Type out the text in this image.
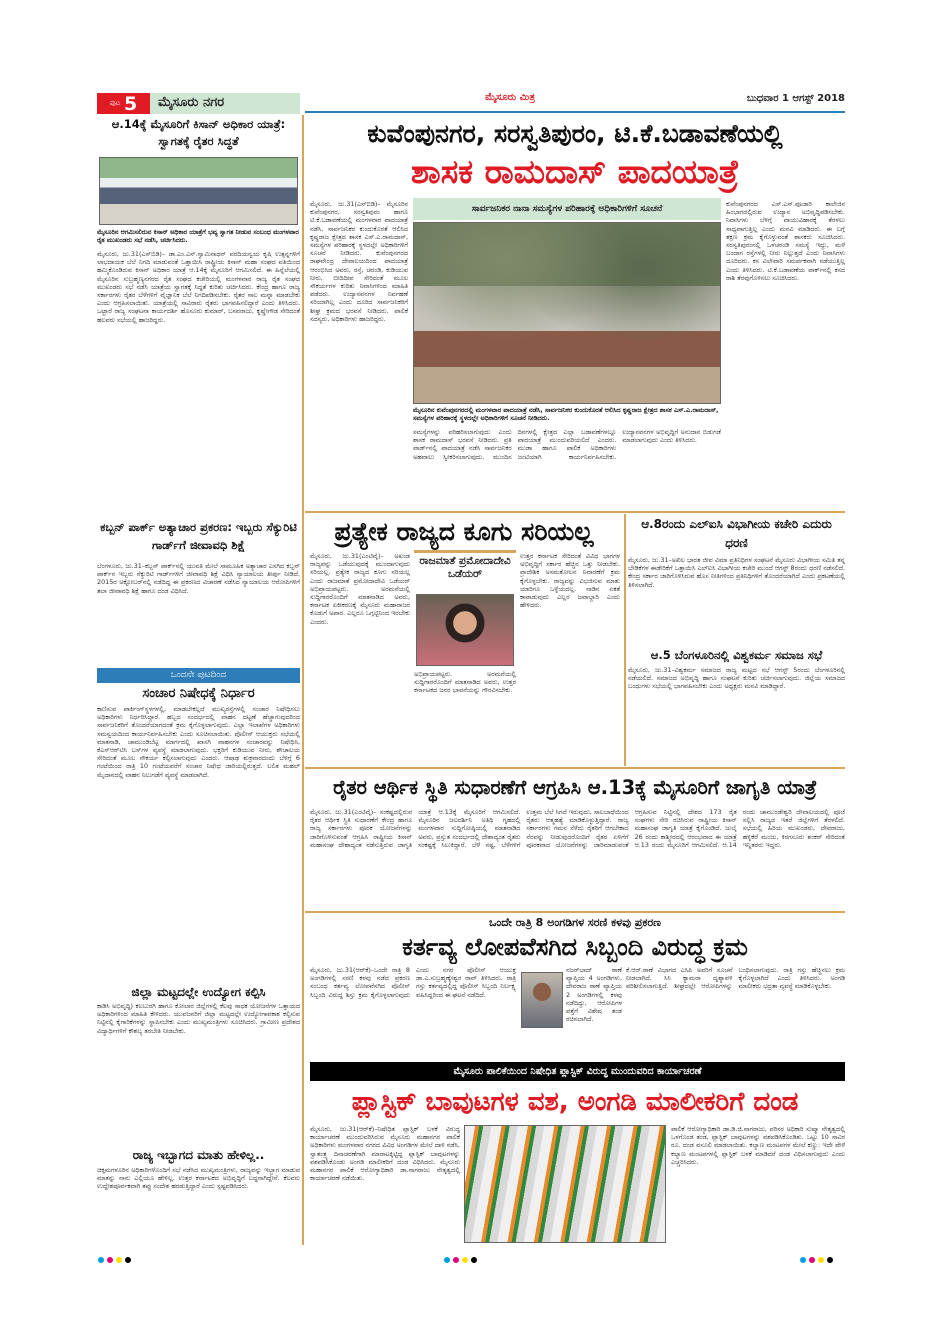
ಪುಟ 5	ಮೈಸೂರು ನಗರ	ಮೈಸೂರು ಮಿತ್ರ	ಬುಧವಾರ 1 ಆಗಸ್ಟ್ 2018
ಆ.14ಕ್ಕೆ ಮೈಸೂರಿಗೆ ಕಿಸಾನ್ ಅಧಿಕಾರ ಯಾತ್ರೆ: ಸ್ವಾಗತಕ್ಕೆ ರೈತರ ಸಿದ್ಧತೆ
ಮೈಸೂರಿನ ಆಗಮಿಸಲಿರುವ ಕಿಸಾನ್ ಅಧಿಕಾರ ಯಾತ್ರೆಗೆ ಭವ್ಯ ಸ್ವಾಗತ ನೀಡುವ ಸಂಬಂಧ ಮಂಗಳವಾರ ರೈತ ಮುಖಂಡರು ಸಭೆ ನಡೆಸಿ, ಚರ್ಚಿಸಿದರು.
ಮೈಸೂರು, ಜು.31(ಎಸ್‌ಬಿಡಿ)– ಡಾ.ಎಂ.ಎಸ್.ಸ್ವಾಮಿನಾಥನ್ ವರದಿಯನ್ವಯ ಕೃಷಿ ಉತ್ಪನ್ನಗಳಿಗೆ ಲಾಭದಾಯಕ ಬೆಲೆ ನಿಗದಿ ಮಾಡುವಂತೆ ಒತ್ತಾಯಿಸಿ ರಾಷ್ಟ್ರೀಯ ಕಿಸಾನ್ ಮಹಾ ಸಂಘದ ವತಿಯಿಂದ ಹಮ್ಮಿಕೊಂಡಿರುವ ಕಿಸಾನ್ ಅಧಿಕಾರ ಯಾತ್ರೆ ಆ.14ಕ್ಕೆ ಮೈಸೂರಿಗೆ ಆಗಮಿಸಲಿದೆ. ಈ ಹಿನ್ನೆಲೆಯಲ್ಲಿ ಮೈಸೂರಿನ ಸುಬ್ರಹ್ಮಣ್ಯನಗರದ ರೈತ ಸಂಘದ ಕಚೇರಿಯಲ್ಲಿ ಮಂಗಳವಾರ ರಾಜ್ಯ ರೈತ ಸಂಘದ ಮುಖಂಡರು ಸಭೆ ನಡೆಸಿ ಯಾತ್ರೆಯ ಸ್ವಾಗತಕ್ಕೆ ಸಿದ್ಧತೆ ಕುರಿತು ಚರ್ಚಿಸಿದರು. ಕೇಂದ್ರ ಹಾಗೂ ರಾಜ್ಯ ಸರ್ಕಾರಗಳು ರೈತರ ಬೆಳೆಗಳಿಗೆ ವೈಜ್ಞಾನಿಕ ಬೆಲೆ ನಿಗದಿಪಡಿಸಬೇಕು. ರೈತರ ಸಾಲ ಮನ್ನಾ ಮಾಡಬೇಕು ಎಂದು ಆಗ್ರಹಿಸಲಾಯಿತು. ಯಾತ್ರೆಯಲ್ಲಿ ಸಾವಿರಾರು ರೈತರು ಭಾಗವಹಿಸಲಿದ್ದಾರೆ ಎಂದು ತಿಳಿಸಿದರು. ಒಟ್ಟಾರೆ ರಾಜ್ಯ ಸಂಘಟನಾ ಕಾರ್ಯದರ್ಶಿ ಹೊಸೂರು ಕುಮಾರ್, ಬಸವರಾಜು, ಕೃಷ್ಣೇಗೌಡ ಸೇರಿದಂತೆ ಹಲವರು ಸಭೆಯಲ್ಲಿ ಹಾಜರಿದ್ದರು.
ಕಬ್ಬನ್ ಪಾರ್ಕ್ ಅತ್ಯಾಚಾರ ಪ್ರಕರಣ: ಇಬ್ಬರು ಸೆಕ್ಯುರಿಟಿ ಗಾರ್ಡ್‌ಗೆ ಜೀವಾವಧಿ ಶಿಕ್ಷೆ
ಬೆಂಗಳೂರು, ಜು.31–ಕಬ್ಬನ್ ಪಾರ್ಕ್‌ನಲ್ಲಿ ಯುವತಿ ಮೇಲೆ ಸಾಮೂಹಿಕ ಅತ್ಯಾಚಾರ ಎಸಗಿದ ಕಬ್ಬನ್ ಪಾರ್ಕ್‌ನ ಇಬ್ಬರು ಸೆಕ್ಯುರಿಟಿ ಗಾರ್ಡ್‌ಗಳಿಗೆ ಜೀವಾವಧಿ ಶಿಕ್ಷೆ ವಿಧಿಸಿ ನ್ಯಾಯಾಲಯ ತೀರ್ಪು ನೀಡಿದೆ. 2015ರ ಅಕ್ಟೋಬರ್‌ನಲ್ಲಿ ನಡೆದಿದ್ದ ಈ ಪ್ರಕರಣದ ವಿಚಾರಣೆ ನಡೆಸಿದ ನ್ಯಾಯಾಲಯ ಆರೋಪಿಗಳಿಗೆ ತಲಾ ಜೀವಾವಧಿ ಶಿಕ್ಷೆ ಹಾಗೂ ದಂಡ ವಿಧಿಸಿದೆ.
ಒಂದನೇ ಪುಟದಿಂದ
ಸಂಚಾರ ನಿಷೇಧಕ್ಕೆ ನಿರ್ಧಾರ
ಕಾಣಿಸುವ ಪಾರ್ಕಿಂಗ್‌ಸ್ಥಳಗಳಲ್ಲಿ, ಮಾಡಬೇಕಲ್ಲದೆ ಮುಖ್ಯರಸ್ತೆಗಳಲ್ಲಿ ಸಂಚಾರ ನಿಷೇಧಿಸಲು ಅಧಿಕಾರಿಗಳು ನಿರ್ಧರಿಸಿದ್ದಾರೆ. ಹಬ್ಬದ ಸಂದರ್ಭದಲ್ಲಿ ವಾಹನ ದಟ್ಟಣೆ ಹೆಚ್ಚಾಗುವುದರಿಂದ ಸಾರ್ವಜನಿಕರಿಗೆ ತೊಂದರೆಯಾಗದಂತೆ ಕ್ರಮ ಕೈಗೊಳ್ಳಲಾಗುವುದು. ಎಲ್ಲಾ ಇಲಾಖೆಗಳ ಅಧಿಕಾರಿಗಳು ಸಮನ್ವಯದಿಂದ ಕಾರ್ಯನಿರ್ವಹಿಸಬೇಕು ಎಂದು ಸೂಚಿಸಲಾಯಿತು. ಪೊಲೀಸ್ ಆಯುಕ್ತರು ಸಭೆಯಲ್ಲಿ ಮಾತನಾಡಿ, ಚಾಮುಂಡಿಬೆಟ್ಟ ಮಾರ್ಗದಲ್ಲಿ ಖಾಸಗಿ ವಾಹನಗಳ ಸಂಚಾರವನ್ನು ನಿಷೇಧಿಸಿ, ಕೆಎಸ್ಆರ್‌ಟಿಸಿ ಬಸ್‌ಗಳ ವ್ಯವಸ್ಥೆ ಮಾಡಲಾಗುವುದು. ಭಕ್ತರಿಗೆ ಕುಡಿಯುವ ನೀರು, ಶೌಚಾಲಯ ಸೇರಿದಂತೆ ಮೂಲ ಸೌಕರ್ಯ ಕಲ್ಪಿಸಲಾಗುವುದು ಎಂದರು. ಆಷಾಢ ಶುಕ್ರವಾರದಂದು ಬೆಳಿಗ್ಗೆ 6 ಗಂಟೆಯಿಂದ ರಾತ್ರಿ 10 ಗಂಟೆಯವರೆಗೆ ಸಂಚಾರ ನಿಷೇಧ ಜಾರಿಯಲ್ಲಿರುತ್ತದೆ. ಲಲಿತ ಮಹಲ್ ಮೈದಾನದಲ್ಲಿ ವಾಹನ ನಿಲುಗಡೆಗೆ ವ್ಯವಸ್ಥೆ ಮಾಡಲಾಗಿದೆ.
ಜಿಲ್ಲಾ ಮಟ್ಟದಲ್ಲೇ ಉದ್ಯೋಗ ಕಲ್ಪಿಸಿ
ಕಾಡಿಸಿ ಅಭಿವೃದ್ಧಿ) ಕಲಬುರಗಿ ಹಾಗೂ ಕೋಲಾರ ಜಿಲ್ಲೆಗಳಲ್ಲಿ ಕೆಲವು ಸಾಧಕ ಯೋಜನೆಗಳ ಒತ್ತಾಯದ ಅಧಿಕಾರಿಗಳಿಂದ ಮಾಹಿತಿ ಕೇಳಿದರು. ಯುವಜನರಿಗೆ ಜಿಲ್ಲಾ ಮಟ್ಟದಲ್ಲೇ ಉದ್ಯೋಗಾವಕಾಶ ಕಲ್ಪಿಸುವ ನಿಟ್ಟಿನಲ್ಲಿ ಕೈಗಾರಿಕೆಗಳನ್ನು ಸ್ಥಾಪಿಸಬೇಕು ಎಂದು ಮುಖ್ಯಮಂತ್ರಿಗಳು ಸೂಚಿಸಿದರು. ಗ್ರಾಮೀಣ ಪ್ರದೇಶದ ವಿದ್ಯಾರ್ಥಿಗಳಿಗೆ ಕೌಶಲ್ಯ ತರಬೇತಿ ನೀಡಬೇಕು.
ರಾಜ್ಯ ಇಬ್ಭಾಗದ ಮಾತು ಹೇಳಿಲ್ಲ..
ಚಿಕ್ಕಮಗಳೂರಿನ ಅಧಿಕಾರಿಗಳೊಂದಿಗೆ ಸಭೆ ನಡೆಸಿದ ಮುಖ್ಯಮಂತ್ರಿಗಳು, ರಾಜ್ಯವನ್ನು ಇಬ್ಭಾಗ ಮಾಡುವ ಮಾತನ್ನು ನಾನು ಎಲ್ಲಿಯೂ ಹೇಳಿಲ್ಲ. ಉತ್ತರ ಕರ್ನಾಟಕದ ಅಭಿವೃದ್ಧಿಗೆ ಬದ್ಧನಾಗಿದ್ದೇನೆ. ಕೆಲವರು ಉದ್ದೇಶಪೂರ್ವಕವಾಗಿ ತಪ್ಪು ಸಂದೇಶ ಹರಡುತ್ತಿದ್ದಾರೆ ಎಂದು ಸ್ಪಷ್ಟಪಡಿಸಿದರು.
ಕುವೆಂಪುನಗರ, ಸರಸ್ವತಿಪುರಂ, ಟಿ.ಕೆ.ಬಡಾವಣೆಯಲ್ಲಿ
ಶಾಸಕ ರಾಮದಾಸ್ ಪಾದಯಾತ್ರೆ
ಮೈಸೂರು, ಜು.31(ಎಸ್‌ಬಿಡಿ)– ಮೈಸೂರಿನ ಕುವೆಂಪುನಗರ, ಸರಸ್ವತಿಪುರಂ ಹಾಗೂ ಟಿ.ಕೆ.ಬಡಾವಣೆಯಲ್ಲಿ ಮಂಗಳವಾರ ಪಾದಯಾತ್ರೆ ನಡೆಸಿ, ಸಾರ್ವಜನಿಕರ ಕುಂದುಕೊರತೆ ಆಲಿಸಿದ ಕೃಷ್ಣರಾಜ ಕ್ಷೇತ್ರದ ಶಾಸಕ ಎಸ್.ಎ.ರಾಮದಾಸ್, ಸಮಸ್ಯೆಗಳ ಪರಿಹಾರಕ್ಕೆ ಸ್ಥಳದಲ್ಲೇ ಅಧಿಕಾರಿಗಳಿಗೆ ಸೂಚನೆ ನೀಡಿದರು. ಕುವೆಂಪುನಗರದ ರಾಘವೇಂದ್ರ ದೇವಾಲಯದಿಂದ ಪಾದಯಾತ್ರೆ ಆರಂಭಿಸಿದ ಅವರು, ರಸ್ತೆ, ಚರಂಡಿ, ಕುಡಿಯುವ ನೀರು, ಬೀದಿದೀಪ ಸೇರಿದಂತೆ ಮೂಲ ಸೌಕರ್ಯಗಳ ಕುರಿತು ನಿವಾಸಿಗಳಿಂದ ಮಾಹಿತಿ ಪಡೆದರು. ಉದ್ಯಾನವನಗಳ ನಿರ್ವಹಣೆ ಸರಿಯಾಗಿಲ್ಲ ಎಂದು ದೂರಿದ ಸಾರ್ವಜನಿಕರಿಗೆ ಶೀಘ್ರ ಕ್ರಮದ ಭರವಸೆ ನೀಡಿದರು. ಪಾಲಿಕೆ ಸದಸ್ಯರು, ಅಧಿಕಾರಿಗಳು ಹಾಜರಿದ್ದರು.
ಸಾರ್ವಜನಿಕರ ನಾನಾ ಸಮಸ್ಯೆಗಳ ಪರಿಹಾರಕ್ಕೆ ಅಧಿಕಾರಿಗಳಿಗೆ ಸೂಚನೆ
ಮೈಸೂರಿನ ಕುವೆಂಪುನಗರದಲ್ಲಿ ಮಂಗಳವಾರ ಪಾದಯಾತ್ರೆ ನಡೆಸಿ, ಸಾರ್ವಜನಿಕರ ಕುಂದುಕೊರತೆ ಆಲಿಸಿದ ಕೃಷ್ಣರಾಜ ಕ್ಷೇತ್ರದ ಶಾಸಕ ಎಸ್.ಎ.ರಾಮದಾಸ್, ಸಮಸ್ಯೆಗಳ ಪರಿಹಾರಕ್ಕೆ ಸ್ಥಳದಲ್ಲೇ ಅಧಿಕಾರಿಗಳಿಗೆ ಸೂಚನೆ ನೀಡಿದರು.
ಸಮಸ್ಯೆಗಳನ್ನು ಪರಿಹರಿಸಲಾಗುವುದು ಎಂದು ಶಾಸಕ ರಾಮದಾಸ್ ಭರವಸೆ ನೀಡಿದರು. ಪ್ರತಿ ವಾರ್ಡ್‌ನಲ್ಲಿ ಪಾದಯಾತ್ರೆ ನಡೆಸಿ ಸಾರ್ವಜನಿಕರ ಅಹವಾಲು ಸ್ವೀಕರಿಸಲಾಗುವುದು. ಮುಂದಿನ ದಿನಗಳಲ್ಲಿ ಕ್ಷೇತ್ರದ ಎಲ್ಲಾ ಬಡಾವಣೆಗಳಲ್ಲೂ ಪಾದಯಾತ್ರೆ ಮುಂದುವರಿಯಲಿದೆ ಎಂದರು. ಮುಡಾ ಹಾಗೂ ಪಾಲಿಕೆ ಅಧಿಕಾರಿಗಳು ಜಂಟಿಯಾಗಿ ಕಾರ್ಯನಿರ್ವಹಿಸಬೇಕು. ಉದ್ಯಾನವನಗಳ ಅಭಿವೃದ್ಧಿಗೆ ಅನುದಾನ ಬಿಡುಗಡೆ ಮಾಡಲಾಗುವುದು ಎಂದು ತಿಳಿಸಿದರು.
ಕುವೆಂಪುನಗರದ ಎಸ್.ಎಸ್.ಪೂಜಾರಿ ಕಾಲೇಜಿನ ಹಿಂಭಾಗದಲ್ಲಿರುವ ಉದ್ಯಾನ ಅಭಿವೃದ್ಧಿಪಡಿಸಬೇಕು. ನಿವಾಸಿಗಳು ಬೆಳಿಗ್ಗೆ ವಾಯುವಿಹಾರಕ್ಕೆ ತೆರಳಲು ಸಾಧ್ಯವಾಗುತ್ತಿಲ್ಲ ಎಂದು ಮನವಿ ಮಾಡಿದರು. ಈ ಬಗ್ಗೆ ತಕ್ಷಣ ಕ್ರಮ ಕೈಗೊಳ್ಳುವಂತೆ ಶಾಸಕರು ಸೂಚಿಸಿದರು. ಸರಸ್ವತಿಪುರಂನಲ್ಲಿ ಒಳಚರಂಡಿ ಸಮಸ್ಯೆ ಇದ್ದು, ಮಳೆ ಬಂದಾಗ ರಸ್ತೆಗಳಲ್ಲಿ ನೀರು ನಿಲ್ಲುತ್ತದೆ ಎಂದು ನಿವಾಸಿಗಳು ದೂರಿದರು. ಕಸ ವಿಲೇವಾರಿ ಸಮರ್ಪಕವಾಗಿ ನಡೆಯುತ್ತಿಲ್ಲ ಎಂದು ತಿಳಿಸಿದರು. ಟಿ.ಕೆ.ಬಡಾವಣೆಯ ಪಾರ್ಕ್‌ನಲ್ಲಿ ಕಸದ ರಾಶಿ ತೆರವುಗೊಳಿಸಲು ಸೂಚಿಸಿದರು.
ಪ್ರತ್ಯೇಕ ರಾಜ್ಯದ ಕೂಗು ಸರಿಯಲ್ಲ
ಮೈಸೂರು, ಜು.31(ಎಂಟಿವೈ)– ಅಖಂಡ ರಾಜ್ಯವನ್ನು ಒಡೆಯುವುದಕ್ಕೆ ಮುಂದಾಗುವುದು ಸರಿಯಲ್ಲ. ಪ್ರತ್ಯೇಕ ರಾಜ್ಯದ ಕೂಗು ಸರಿಯಲ್ಲ ಎಂದು ರಾಜಮಾತೆ ಪ್ರಮೋದಾದೇವಿ ಒಡೆಯರ್ ಅಭಿಪ್ರಾಯಪಟ್ಟರು. ಅರಮನೆಯಲ್ಲಿ ಸುದ್ದಿಗಾರರೊಂದಿಗೆ ಮಾತನಾಡಿದ ಅವರು, ಕರ್ನಾಟಕ ಏಕೀಕರಣಕ್ಕೆ ಮೈಸೂರು ಮಹಾರಾಜರ ಕೊಡುಗೆ ಅಪಾರ. ಎಲ್ಲರೂ ಒಗ್ಗಟ್ಟಿನಿಂದ ಇರಬೇಕು ಎಂದರು.
ರಾಜಮಾತೆ ಪ್ರಮೋದಾದೇವಿ ಒಡೆಯರ್
ಅಭಿಪ್ರಾಯಪಟ್ಟರು. ಅರಮನೆಯಲ್ಲಿ ಸುದ್ದಿಗಾರರೊಂದಿಗೆ ಮಾತನಾಡಿದ ಅವರು, ಉತ್ತರ ಕರ್ನಾಟಕದ ಜನರ ಭಾವನೆಯನ್ನು ಗೌರವಿಸಬೇಕು.
ಉತ್ತರ ಕರ್ನಾಟಕ ಸೇರಿದಂತೆ ವಿವಿಧ ಭಾಗಗಳ ಅಭಿವೃದ್ಧಿಗೆ ಸರ್ಕಾರ ಹೆಚ್ಚಿನ ಒತ್ತು ನೀಡಬೇಕು. ಪ್ರಾದೇಶಿಕ ಅಸಮತೋಲನ ನಿವಾರಣೆಗೆ ಕ್ರಮ ಕೈಗೊಳ್ಳಬೇಕು. ರಾಜ್ಯವನ್ನು ವಿಭಜಿಸುವ ಮಾತು ಯಾರಿಗೂ ಒಳ್ಳೆಯದಲ್ಲ. ನಾಡಿನ ಏಕತೆ ಕಾಪಾಡುವುದು ಎಲ್ಲರ ಜವಾಬ್ದಾರಿ ಎಂದು ಹೇಳಿದರು.
ಆ.8ರಂದು ಎಲ್‌ಐಸಿ ವಿಭಾಗೀಯ ಕಚೇರಿ ಎದುರು ಧರಣಿ
ಮೈಸೂರು, ಜು.31–ಅಖಿಲ ಭಾರತ ಜೀವ ವಿಮಾ ಪ್ರತಿನಿಧಿಗಳ ಸಂಘಟನೆ ಮೈಸೂರು ವಿಭಾಗೀಯ ಸಮಿತಿ ತನ್ನ ಬೇಡಿಕೆಗಳ ಈಡೇರಿಕೆಗೆ ಒತ್ತಾಯಿಸಿ ಎಲ್‌ಐಸಿ ವಿಭಾಗೀಯ ಕಚೇರಿ ಮುಂದೆ ಆಗಸ್ಟ್ 8ರಂದು ಧರಣಿ ನಡೆಸಲಿದೆ. ಕೇಂದ್ರ ಸರ್ಕಾರ ಜಾರಿಗೊಳಿಸಿರುವ ಹೊಸ ನೀತಿಗಳಿಂದ ಪ್ರತಿನಿಧಿಗಳಿಗೆ ತೊಂದರೆಯಾಗಿದೆ ಎಂದು ಪ್ರಕಟಣೆಯಲ್ಲಿ ತಿಳಿಸಲಾಗಿದೆ.
ಆ.5 ಬೆಂಗಳೂರಿನಲ್ಲಿ ವಿಶ್ವಕರ್ಮ ಸಮಾಜ ಸಭೆ
ಮೈಸೂರು, ಜು.31–ವಿಶ್ವಕರ್ಮ ಸಮಾಜದ ರಾಜ್ಯ ಮಟ್ಟದ ಸಭೆ ಆಗಸ್ಟ್ 5ರಂದು ಬೆಂಗಳೂರಿನಲ್ಲಿ ನಡೆಯಲಿದೆ. ಸಮಾಜದ ಅಭಿವೃದ್ಧಿ ಹಾಗೂ ಸಂಘಟನೆ ಕುರಿತು ಚರ್ಚಿಸಲಾಗುವುದು. ಜಿಲ್ಲೆಯ ಸಮಾಜದ ಬಂಧುಗಳು ಸಭೆಯಲ್ಲಿ ಭಾಗವಹಿಸಬೇಕು ಎಂದು ಅಧ್ಯಕ್ಷರು ಮನವಿ ಮಾಡಿದ್ದಾರೆ.
ರೈತರ ಆರ್ಥಿಕ ಸ್ಥಿತಿ ಸುಧಾರಣೆಗೆ ಆಗ್ರಹಿಸಿ ಆ.13ಕ್ಕೆ ಮೈಸೂರಿಗೆ ಜಾಗೃತಿ ಯಾತ್ರೆ
ಮೈಸೂರು, ಜು.31(ಎಂಟಿವೈ)– ಸಂಕಷ್ಟದಲ್ಲಿರುವ ರೈತರ ಆರ್ಥಿಕ ಸ್ಥಿತಿ ಸುಧಾರಣೆಗೆ ಕೇಂದ್ರ ಹಾಗೂ ರಾಜ್ಯ ಸರ್ಕಾರಗಳು ಪೂರಕ ಯೋಜನೆಗಳನ್ನು ಜಾರಿಗೊಳಿಸುವಂತೆ ಆಗ್ರಹಿಸಿ ರಾಷ್ಟ್ರೀಯ ಕಿಸಾನ್ ಮಹಾಸಂಘ ದೇಶಾದ್ಯಂತ ನಡೆಸುತ್ತಿರುವ ಜಾಗೃತಿ ಯಾತ್ರೆ ಆ.13ಕ್ಕೆ ಮೈಸೂರಿಗೆ ಆಗಮಿಸಲಿದೆ. ಮೈಸೂರಿನ ಜಲದರ್ಶಿನಿ ಅತಿಥಿ ಗೃಹದಲ್ಲಿ ಮಂಗಳವಾರ ಸುದ್ದಿಗೋಷ್ಠಿಯಲ್ಲಿ ಮಾತನಾಡಿದ ಅವರು, ಪ್ರಸ್ತುತ ಸಂದರ್ಭದಲ್ಲಿ ದೇಶಾದ್ಯಂತ ರೈತರು ಸಂಕಷ್ಟಕ್ಕೆ ಸಿಲುಕಿದ್ದಾರೆ. ಬೆಳೆ ನಷ್ಟ, ಬೆಳೆಗಳಿಗೆ ಉತ್ತಮ ಬೆಲೆ ಸಿಗದೆ ಇರುವುದು, ಸಾಲಬಾಧೆಯಿಂದ ರೈತರು ಆತ್ಮಹತ್ಯೆ ಮಾಡಿಕೊಳ್ಳುತ್ತಿದ್ದಾರೆ. ರಾಜ್ಯ ಸರ್ಕಾರಗಳು ಗಮನ ಸೆಳೆದು ರೈತರಿಗೆ ಆಗಬೇಕಾದ ನೆರವನ್ನು ನೀಡುವುದರೊಂದಿಗೆ ರೈತರ ಏಳಿಗೆಗೆ ಪೂರಕವಾದ ಯೋಜನೆಗಳನ್ನು ಜಾರಿಮಾಡುವಂತೆ ಆಗ್ರಹಿಸುವ ನಿಟ್ಟಿನಲ್ಲಿ ದೇಶದ 173 ರೈತ ಸಂಘಗಳು ಸೇರಿ ರಚಿಸಿರುವ ರಾಷ್ಟ್ರೀಯ ಕಿಸಾನ್ ಮಹಾಸಂಘ ಜಾಗೃತಿ ಯಾತ್ರೆ ಕೈಗೊಂಡಿದೆ. ಜುಲೈ 26 ರಂದು ಕಾಶ್ಮೀರದಲ್ಲಿ ಆರಂಭವಾದ ಈ ಯಾತ್ರೆ ಆ.13 ರಂದು ಮೈಸೂರಿಗೆ ಆಗಮಿಸಲಿದೆ. ಆ.14 ರಂದು ಚಾಮುಂಡೇಶ್ವರಿ ದೇವಾಲಯದಲ್ಲಿ ಪೂಜೆ ಸಲ್ಲಿಸಿ ರಾಜ್ಯದ ಇತರೆ ಜಿಲ್ಲೆಗಳಿಗೆ ತೆರಳಲಿದೆ. ಸಭೆಯಲ್ಲಿ ಹಿರಿಯ ಮುಖಂಡರು, ದೇವರಾಜು, ಹಳ್ಳಿಕೆರೆ ಮಂಜು, ಕಿರಗಸೂರು ಶಂಕರ್ ಸೇರಿದಂತೆ ಇನ್ನಿತರರು ಇದ್ದರು.
ಒಂದೇ ರಾತ್ರಿ 8 ಅಂಗಡಿಗಳ ಸರಣಿ ಕಳವು ಪ್ರಕರಣ
ಕರ್ತವ್ಯ ಲೋಪವೆಸಗಿದ ಸಿಬ್ಬಂದಿ ವಿರುದ್ಧ ಕ್ರಮ
ಮೈಸೂರು, ಜು.31(ಆರ್‌ಕೆ)–ಒಂದೇ ರಾತ್ರಿ 8 ಅಂಗಡಿಗಳಲ್ಲಿ ಸರಣಿ ಕಳವು ನಡೆದ ಪ್ರಕರಣ ಸಂಬಂಧ ಕರ್ತವ್ಯ ಲೋಪವೆಸಗಿದ ಪೊಲೀಸ್ ಸಿಬ್ಬಂದಿ ವಿರುದ್ಧ ಶಿಸ್ತು ಕ್ರಮ ಕೈಗೊಳ್ಳಲಾಗುವುದು ಎಂದು ನಗರ ಪೊಲೀಸ್ ಆಯುಕ್ತ ಡಾ.ಎ.ಸುಬ್ರಹ್ಮಣ್ಯೇಶ್ವರ ರಾವ್ ತಿಳಿಸಿದರು. ರಾತ್ರಿ ಗಸ್ತು ಕರ್ತವ್ಯದಲ್ಲಿದ್ದ ಪೊಲೀಸ್ ಸಿಬ್ಬಂದಿ ನಿರ್ಲಕ್ಷ್ಯ ವಹಿಸಿದ್ದರಿಂದ ಈ ಘಟನೆ ನಡೆದಿದೆ.
ನಜರ್‌ಬಾದ್ ಠಾಣೆ ವ್ಯಾಪ್ತಿಯ 4 ಅಂಗಡಿಗಳು, ದೇವರಾಜ ಠಾಣೆ ವ್ಯಾಪ್ತಿಯ 2 ಅಂಗಡಿಗಳಲ್ಲಿ ಕಳವು ನಡೆದಿದ್ದು, ಆರೋಪಿಗಳ ಪತ್ತೆಗೆ ವಿಶೇಷ ತಂಡ ರಚಿಸಲಾಗಿದೆ.
ಕೆ.ಆರ್.ಠಾಣೆ ವಿಭಾಗದ ಎಸಿಪಿ ಅವರಿಗೆ ಸೂಚನೆ ನೀಡಲಾಗಿದೆ. ಸಿಸಿ ಕ್ಯಾಮರಾ ದೃಶ್ಯಾವಳಿ ಪರಿಶೀಲಿಸಲಾಗುತ್ತಿದೆ. ಶೀಘ್ರದಲ್ಲೇ ಆರೋಪಿಗಳನ್ನು ಬಂಧಿಸಲಾಗುವುದು. ರಾತ್ರಿ ಗಸ್ತು ಹೆಚ್ಚಿಸಲು ಕ್ರಮ ಕೈಗೊಳ್ಳಲಾಗಿದೆ ಎಂದು ತಿಳಿಸಿದರು. ಅಂಗಡಿ ಮಾಲೀಕರು ಭದ್ರತಾ ವ್ಯವಸ್ಥೆ ಮಾಡಿಕೊಳ್ಳಬೇಕು.
ಮೈಸೂರು ಪಾಲಿಕೆಯಿಂದ ನಿಷೇಧಿತ ಪ್ಲಾಸ್ಟಿಕ್ ವಿರುದ್ಧ ಮುಂದುವರಿದ ಕಾರ್ಯಾಚರಣೆ
ಪ್ಲಾಸ್ಟಿಕ್ ಬಾವುಟಗಳ ವಶ, ಅಂಗಡಿ ಮಾಲೀಕರಿಗೆ ದಂಡ
ಮೈಸೂರು, ಜು.31(ಆರ್‌ಕೆ)–ನಿಷೇಧಿತ ಪ್ಲಾಸ್ಟಿಕ್ ಬಳಕೆ ವಿರುದ್ಧ ಕಾರ್ಯಾಚರಣೆ ಮುಂದುವರಿಸಿರುವ ಮೈಸೂರು ಮಹಾನಗರ ಪಾಲಿಕೆ ಅಧಿಕಾರಿಗಳು ಮಂಗಳವಾರ ನಗರದ ವಿವಿಧ ಅಂಗಡಿಗಳ ಮೇಲೆ ದಾಳಿ ನಡೆಸಿ, ಸ್ವಾತಂತ್ರ್ಯ ದಿನಾಚರಣೆಗಾಗಿ ಮಾರಾಟಕ್ಕಿಟ್ಟಿದ್ದ ಪ್ಲಾಸ್ಟಿಕ್ ಬಾವುಟಗಳನ್ನು ವಶಪಡಿಸಿಕೊಂಡು ಅಂಗಡಿ ಮಾಲೀಕರಿಗೆ ದಂಡ ವಿಧಿಸಿದರು. ಮೈಸೂರು ಮಹಾನಗರ ಪಾಲಿಕೆ ಆರೋಗ್ಯಾಧಿಕಾರಿ ಡಾ.ನಾಗರಾಜು ನೇತೃತ್ವದಲ್ಲಿ ಕಾರ್ಯಾಚರಣೆ ನಡೆಯಿತು.
ಪಾಲಿಕೆ ಆರೋಗ್ಯಾಧಿಕಾರಿ ಡಾ.ಡಿ.ಜಿ.ನಾಗರಾಜು, ಪರಿಸರ ಅಧಿಕಾರಿ ಸುಷ್ಮಾ ನೇತೃತ್ವದಲ್ಲಿ ಒಳಗೊಂಡ ತಂಡ, ಪ್ಲಾಸ್ಟಿಕ್ ಬಾವುಟಗಳನ್ನು ವಶಪಡಿಸಿಕೊಂಡಿತು. ಒಟ್ಟು 10 ಸಾವಿರ ರೂ. ದಂಡ ವಸೂಲಿ ಮಾಡಲಾಯಿತು. ಕಲ್ಯಾಣ ಮಂಟಪಗಳ ಮೇಲೆ ಕಣ್ಣು: ಇದೇ ವೇಳೆ ಕಲ್ಯಾಣ ಮಂಟಪಗಳಲ್ಲಿ ಪ್ಲಾಸ್ಟಿಕ್ ಬಳಕೆ ಮಾಡಿದರೆ ದಂಡ ವಿಧಿಸಲಾಗುವುದು ಎಂದು ಎಚ್ಚರಿಸಿದರು.
